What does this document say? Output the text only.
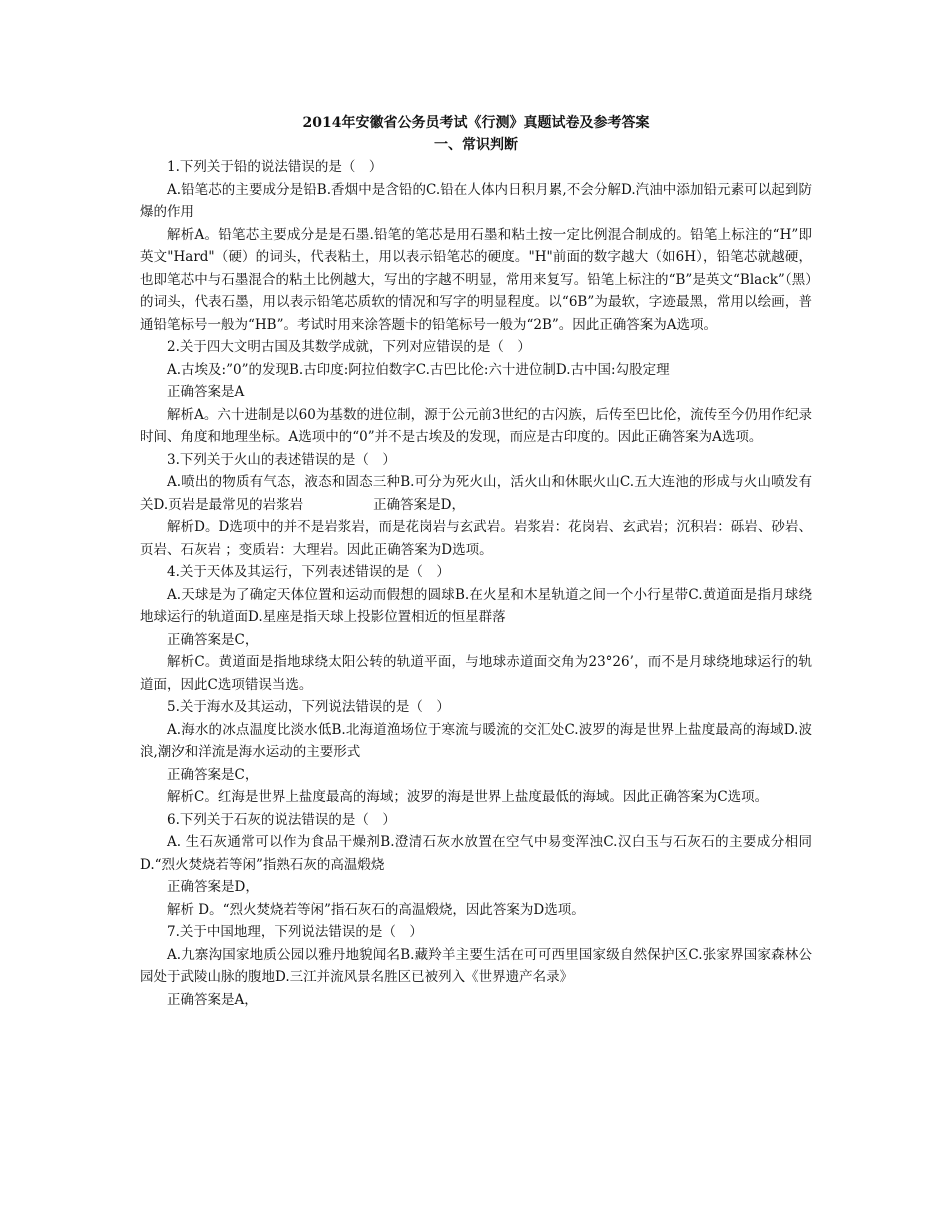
2014年安徽省公务员考试《行测》真题试卷及参考答案
一、常识判断

1.下列关于铅的说法错误的是（　）

A.铅笔芯的主要成分是铅B.香烟中是含铅的C.铅在人体内日积月累,不会分解D.汽油中添加铅元素可以起到防爆的作用

解析A。铅笔芯主要成分是是石墨.铅笔的笔芯是用石墨和粘土按一定比例混合制成的。铅笔上标注的“H”即英文"Hard"（硬）的词头，代表粘土，用以表示铅笔芯的硬度。"H"前面的数字越大（如6H），铅笔芯就越硬，也即笔芯中与石墨混合的粘土比例越大，写出的字越不明显，常用来复写。铅笔上标注的“B”是英文“Black”（黑）的词头，代表石墨，用以表示铅笔芯质软的情况和写字的明显程度。以“6B”为最软，字迹最黑，常用以绘画，普通铅笔标号一般为“HB”。考试时用来涂答题卡的铅笔标号一般为“2B”。因此正确答案为A选项。

2.关于四大文明古国及其数学成就，下列对应错误的是（　）

A.古埃及:”0”的发现B.古印度:阿拉伯数字C.古巴比伦:六十进位制D.古中国:勾股定理

正确答案是A

解析A。六十进制是以60为基数的进位制，源于公元前3世纪的古闪族，后传至巴比伦，流传至今仍用作纪录时间、角度和地理坐标。A选项中的“0”并不是古埃及的发现，而应是古印度的。因此正确答案为A选项。

3.下列关于火山的表述错误的是（　）

A.喷出的物质有气态，液态和固态三种B.可分为死火山，活火山和休眠火山C.五大连池的形成与火山喷发有关D.页岩是最常见的岩浆岩	正确答案是D，

解析D。D选项中的并不是岩浆岩，而是花岗岩与玄武岩。岩浆岩：花岗岩、玄武岩；沉积岩：砾岩、砂岩、页岩、石灰岩 ；变质岩：大理岩。因此正确答案为D选项。

4.关于天体及其运行，下列表述错误的是（　）

A.天球是为了确定天体位置和运动而假想的圆球B.在火星和木星轨道之间一个小行星带C.黄道面是指月球绕地球运行的轨道面D.星座是指天球上投影位置相近的恒星群落

正确答案是C，

解析C。黄道面是指地球绕太阳公转的轨道平面，与地球赤道面交角为23°26’，而不是月球绕地球运行的轨道面，因此C选项错误当选。

5.关于海水及其运动，下列说法错误的是（　）

A.海水的冰点温度比淡水低B.北海道渔场位于寒流与暖流的交汇处C.波罗的海是世界上盐度最高的海域D.波浪,潮汐和洋流是海水运动的主要形式

正确答案是C，

解析C。红海是世界上盐度最高的海域；波罗的海是世界上盐度最低的海域。因此正确答案为C选项。

6.下列关于石灰的说法错误的是（　）

A. 生石灰通常可以作为食品干燥剂B.澄清石灰水放置在空气中易变浑浊C.汉白玉与石灰石的主要成分相同D.“烈火焚烧若等闲”指熟石灰的高温煅烧

正确答案是D，

解析 D。“烈火焚烧若等闲”指石灰石的高温煅烧，因此答案为D选项。

7.关于中国地理，下列说法错误的是（　）

A.九寨沟国家地质公园以雅丹地貌闻名B.藏羚羊主要生活在可可西里国家级自然保护区C.张家界国家森林公园处于武陵山脉的腹地D.三江并流风景名胜区已被列入《世界遗产名录》

正确答案是A，
